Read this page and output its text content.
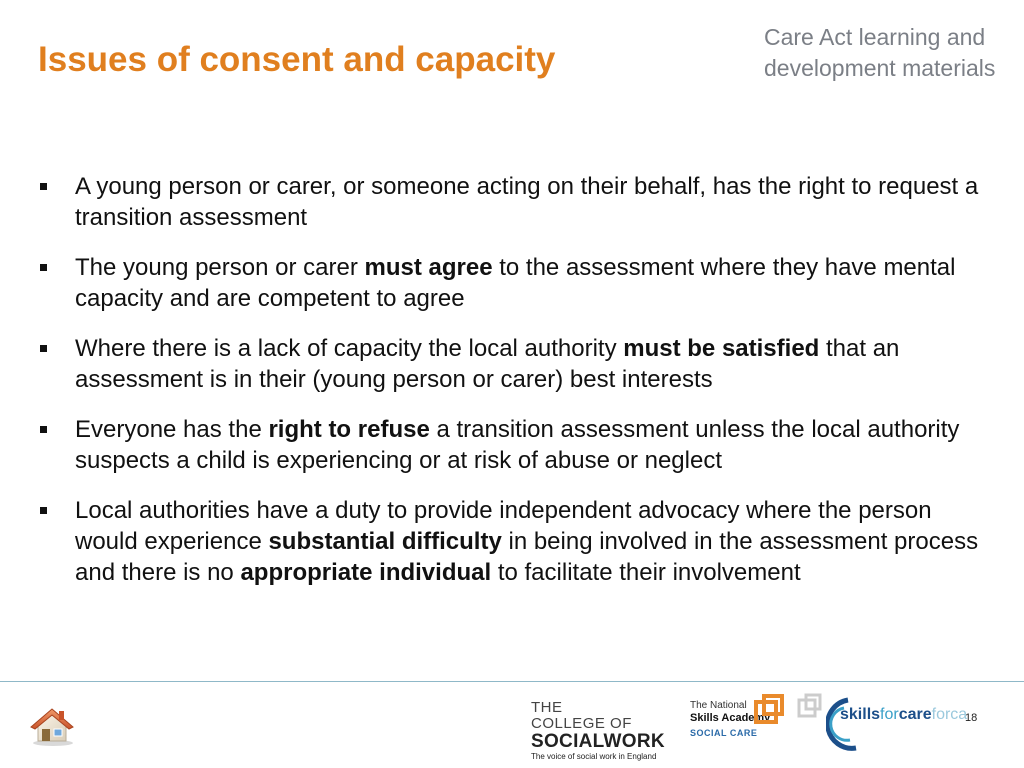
Issues of consent and capacity
Care Act learning and
development materials
A young person or carer, or someone acting on their behalf, has the right to request a transition assessment
The young person or carer must agree to the assessment where they have mental capacity and are competent to agree
Where there is a lack of capacity the local authority must be satisfied that an assessment is in their (young person or carer) best interests
Everyone has the right to refuse a transition assessment unless the local authority suspects a child is experiencing or at risk of abuse or neglect
Local authorities have a duty to provide independent advocacy where the person would experience substantial difficulty in being involved in the assessment process and there is no appropriate individual to facilitate their involvement
THE COLLEGE OF
SOCIALWORK
The voice of social work in England
The National
Skills Academy
SOCIAL CARE
skillsforcareforca
18
